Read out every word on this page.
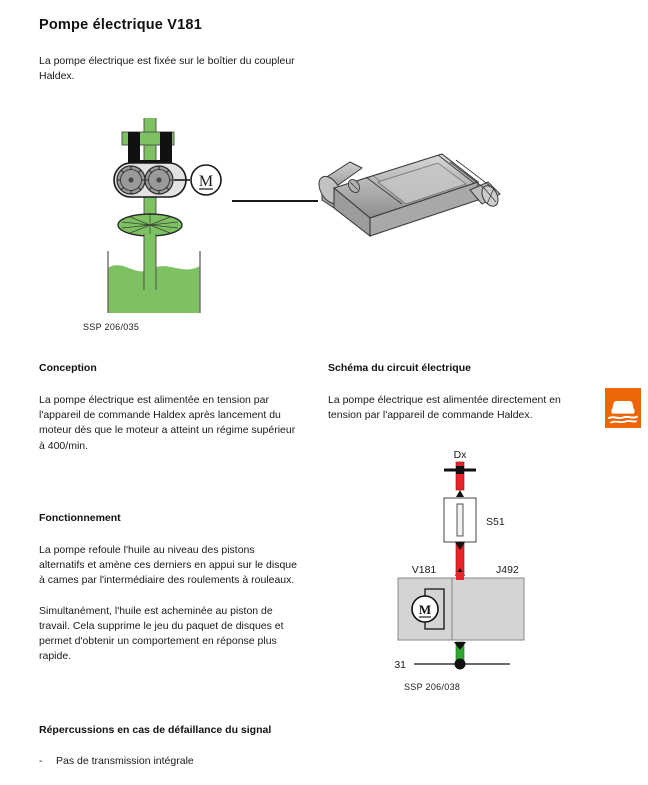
Pompe électrique V181
La pompe électrique est fixée sur le boîtier du coupleur Haldex.
M
SSP 206/035
Conception

La pompe électrique est alimentée en tension par l'appareil de commande Haldex après lancement du moteur dès que le moteur a atteint un régime supérieur à 400/min.

Fonctionnement

La pompe refoule l'huile au niveau des pistons alternatifs et amène ces derniers en appui sur le disque à cames par l'intermédiaire des roulements à rouleaux.

Simultanément, l'huile est acheminée au piston de travail. Cela supprime le jeu du paquet de disques et permet d'obtenir un comportement en réponse plus rapide.

Répercussions en cas de défaillance du signal
-	Pas de transmission intégrale
Schéma du circuit électrique

La pompe électrique est alimentée directement en tension par l'appareil de commande Haldex.

Dx
S51
V181	J492
M
31
SSP 206/038
